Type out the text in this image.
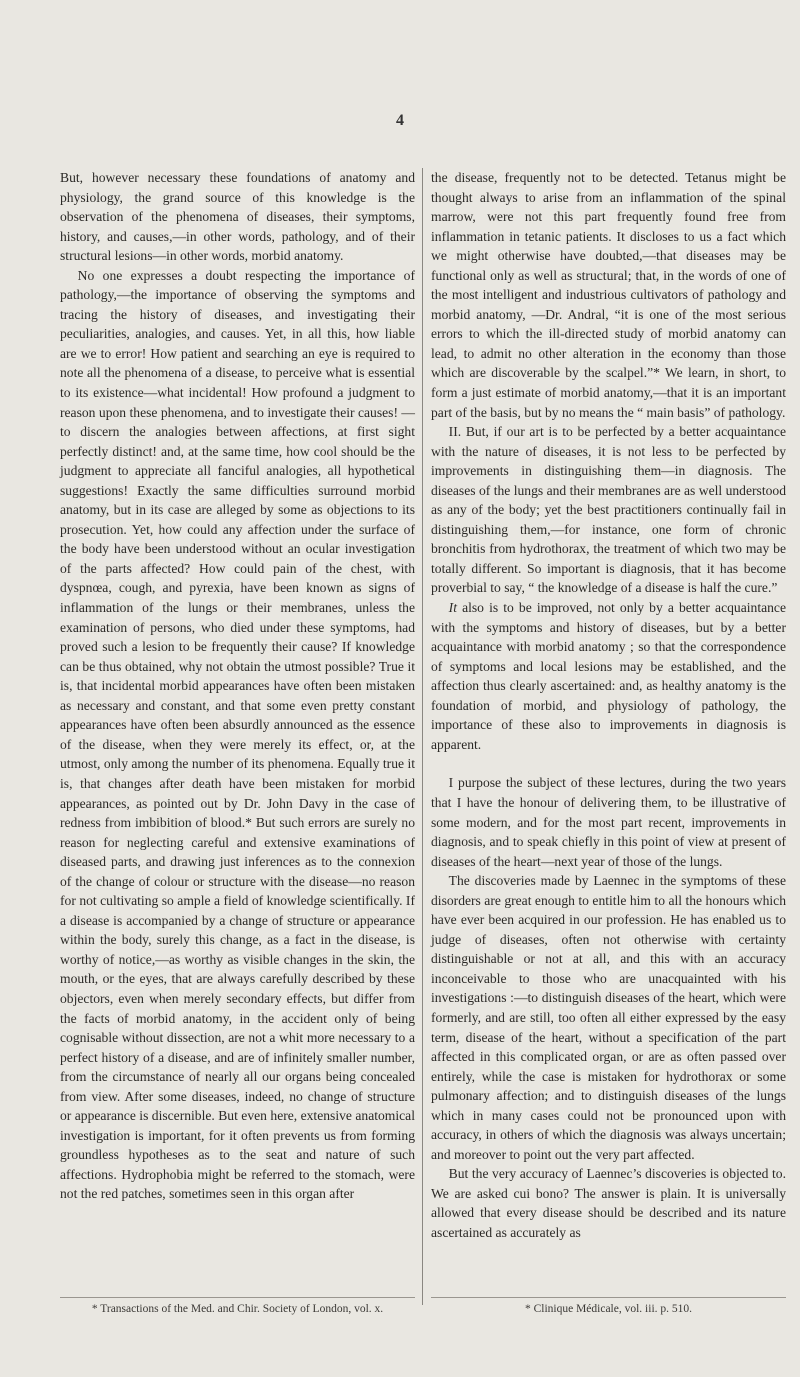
4

But, however necessary these foundations of anatomy and physiology, the grand source of this knowledge is the observation of the phenomena of diseases, their symptoms, history, and causes,—in other words, pathology, and of their structural lesions—in other words, morbid anatomy.

No one expresses a doubt respecting the importance of pathology,—the importance of observing the symptoms and tracing the history of diseases, and investigating their peculiarities, analogies, and causes. Yet, in all this, how liable are we to error! How patient and searching an eye is required to note all the phenomena of a disease, to perceive what is essential to its existence—what incidental! How profound a judgment to reason upon these phenomena, and to investigate their causes! —to discern the analogies between affections, at first sight perfectly distinct! and, at the same time, how cool should be the judgment to appreciate all fanciful analogies, all hypothetical suggestions! Exactly the same difficulties surround morbid anatomy, but in its case are alleged by some as objections to its prosecution. Yet, how could any affection under the surface of the body have been understood without an ocular investigation of the parts affected? How could pain of the chest, with dyspnœa, cough, and pyrexia, have been known as signs of inflammation of the lungs or their membranes, unless the examination of persons, who died under these symptoms, had proved such a lesion to be frequently their cause? If knowledge can be thus obtained, why not obtain the utmost possible? True it is, that incidental morbid appearances have often been mistaken as necessary and constant, and that some even pretty constant appearances have often been absurdly announced as the essence of the disease, when they were merely its effect, or, at the utmost, only among the number of its phenomena. Equally true it is, that changes after death have been mistaken for morbid appearances, as pointed out by Dr. John Davy in the case of redness from imbibition of blood.* But such errors are surely no reason for neglecting careful and extensive examinations of diseased parts, and drawing just inferences as to the connexion of the change of colour or structure with the disease—no reason for not cultivating so ample a field of knowledge scientifically. If a disease is accompanied by a change of structure or appearance within the body, surely this change, as a fact in the disease, is worthy of notice,—as worthy as visible changes in the skin, the mouth, or the eyes, that are always carefully described by these objectors, even when merely secondary effects, but differ from the facts of morbid anatomy, in the accident only of being cognisable without dissection, are not a whit more necessary to a perfect history of a disease, and are of infinitely smaller number, from the circumstance of nearly all our organs being concealed from view. After some diseases, indeed, no change of structure or appearance is discernible. But even here, extensive anatomical investigation is important, for it often prevents us from forming groundless hypotheses as to the seat and nature of such affections. Hydrophobia might be referred to the stomach, were not the red patches, sometimes seen in this organ after

the disease, frequently not to be detected. Tetanus might be thought always to arise from an inflammation of the spinal marrow, were not this part frequently found free from inflammation in tetanic patients. It discloses to us a fact which we might otherwise have doubted,—that diseases may be functional only as well as structural; that, in the words of one of the most intelligent and industrious cultivators of pathology and morbid anatomy, —Dr. Andral, “it is one of the most serious errors to which the ill-directed study of morbid anatomy can lead, to admit no other alteration in the economy than those which are discoverable by the scalpel.”* We learn, in short, to form a just estimate of morbid anatomy,—that it is an important part of the basis, but by no means the “ main basis” of pathology.

II. But, if our art is to be perfected by a better acquaintance with the nature of diseases, it is not less to be perfected by improvements in distinguishing them—in diagnosis. The diseases of the lungs and their membranes are as well understood as any of the body; yet the best practitioners continually fail in distinguishing them,—for instance, one form of chronic bronchitis from hydrothorax, the treatment of which two may be totally different. So important is diagnosis, that it has become proverbial to say, “ the knowledge of a disease is half the cure.”

It also is to be improved, not only by a better acquaintance with the symptoms and history of diseases, but by a better acquaintance with morbid anatomy ; so that the correspondence of symptoms and local lesions may be established, and the affection thus clearly ascertained: and, as healthy anatomy is the foundation of morbid, and physiology of pathology, the importance of these also to improvements in diagnosis is apparent.

I purpose the subject of these lectures, during the two years that I have the honour of delivering them, to be illustrative of some modern, and for the most part recent, improvements in diagnosis, and to speak chiefly in this point of view at present of diseases of the heart—next year of those of the lungs.

The discoveries made by Laennec in the symptoms of these disorders are great enough to entitle him to all the honours which have ever been acquired in our profession. He has enabled us to judge of diseases, often not otherwise with certainty distinguishable or not at all, and this with an accuracy inconceivable to those who are unacquainted with his investigations :—to distinguish diseases of the heart, which were formerly, and are still, too often all either expressed by the easy term, disease of the heart, without a specification of the part affected in this complicated organ, or are as often passed over entirely, while the case is mistaken for hydrothorax or some pulmonary affection; and to distinguish diseases of the lungs which in many cases could not be pronounced upon with accuracy, in others of which the diagnosis was always uncertain; and moreover to point out the very part affected.

But the very accuracy of Laennec’s discoveries is objected to. We are asked cui bono? The answer is plain. It is universally allowed that every disease should be described and its nature ascertained as accurately as

* Transactions of the Med. and Chir. Society of London, vol. x.	* Clinique Médicale, vol. iii. p. 510.
